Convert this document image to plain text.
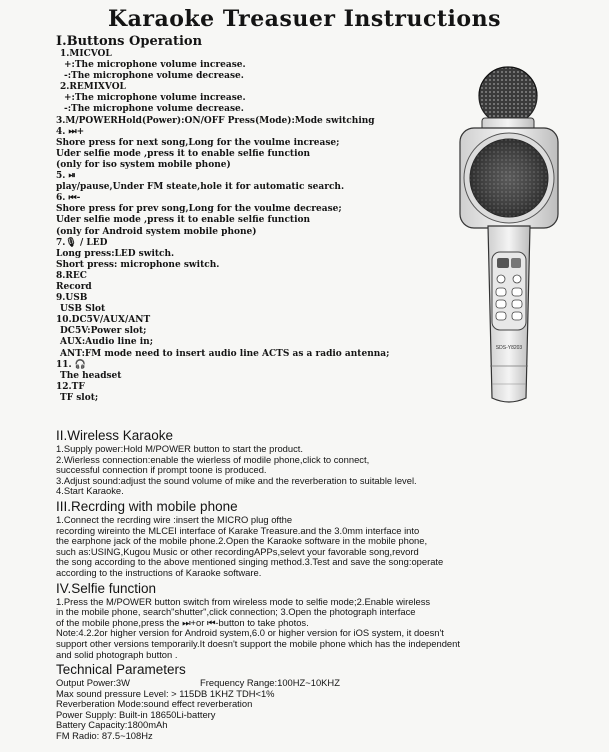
Karaoke Treasuer Instructions
I.Buttons Operation
1.MICVOL
+:The microphone volume increase.
-:The microphone volume decrease.
2.REMIXVOL
+:The microphone volume increase.
-:The microphone volume decrease.
3.M/POWERHold(Power):ON/OFF Press(Mode):Mode switching
4. ⏭+
Shore press for next song,Long for the voulme increase;
Uder selfie mode ,press it to enable selfie function
(only for iso system mobile phone)
5. ⏯
play/pause,Under FM steate,hole it for automatic search.
6. ⏮-
Shore press for prev song,Long for the voulme decrease;
Uder selfie mode ,press it to enable selfie function
(only for Android system mobile phone)
7.🎙 / LED
Long press:LED switch.
Short press: microphone switch.
8.REC
Record
9.USB
USB Slot
10.DC5V/AUX/ANT
DC5V:Power slot;
AUX:Audio line in;
ANT:FM mode need to insert audio line ACTS as a radio antenna;
11. 🎧
The headset
12.TF
TF slot;
SDS-Y8203
II.Wireless Karaoke
1.Supply power:Hold M/POWER button to start the product.
2.Wierless connection:enable the wierless of modile phone,click to connect,
successful connection if prompt toone is produced.
3.Adjust sound:adjust the sound volume of mike and the reverberation to suitable level.
4.Start Karaoke.
III.Recrding with mobile phone
1.Connect the recrding wire :insert the MICRO plug ofthe
recording wireinto the MLCEI interface of Karake Treasure.and the 3.0mm interface into
the earphone jack of the mobile phone.2.Open the Karaoke software in the mobile phone,
such as:USING,Kugou Music or other recordingAPPs,selevt your favorable song,revord
the song according to the above mentioned singing method.3.Test and save the song:operate
according to the instructions of Karaoke software.
IV.Selfie function
1.Press the M/POWER button switch from wireless mode to selfie mode;2.Enable wireless
in the mobile phone, search"shutter",click connection; 3.Open the photograph interface
of the mobile phone,press the ⏭+or ⏮-button to take photos.
Note:4.2.2or higher version for Android system,6.0 or higher version for iOS system, it doesn't
support other versions temporarily.It doesn't support the mobile phone which has the independent
and solid photograph button .
Technical Parameters
Output Power:3W	Frequency Range:100HZ~10KHZ
Max sound pressure Level: > 115DB 1KHZ TDH<1%
Reverberation Mode:sound effect reverberation
Power Supply: Built-in 18650Li-battery
Battery Capacity:1800mAh
FM Radio: 87.5~108Hz
